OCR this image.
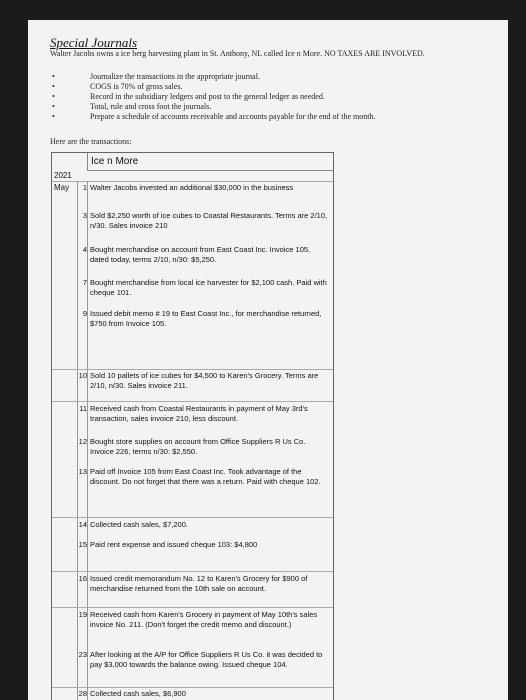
Special Journals
Walter Jacobs owns a ice berg harvesting plant in St. Anthony, NL called Ice n More. NO TAXES ARE INVOLVED.
•	Journalize the transactions in the appropriate journal.
•	COGS is 70% of gross sales.
•	Record in the subsidiary ledgers and post to the general ledger as needed.
•	Total, rule and cross foot the journals.
•	Prepare a schedule of accounts receivable and accounts payable for the end of the month.
Here are the transactions:
Ice n More
2021
May	1 Walter Jacobs invested an additional $30,000 in the business
3 Sold $2,250 worth of ice cubes to Coastal Restaurants. Terms are 2/10, n/30. Sales invoice 210
4 Bought merchandise on account from East Coast Inc. Invoice 105, dated today, terms 2/10, n/30: $5,250.
7 Bought merchandise from local ice harvester for $2,100 cash. Paid with cheque 101.
9 Issued debit memo # 19 to East Coast Inc., for merchandise returned, $750 from Invoice 105.
10 Sold 10 pallets of ice cubes for $4,500 to Karen's Grocery. Terms are 2/10, n/30. Sales invoice 211.
11 Received cash from Coastal Restaurants in payment of May 3rd's transaction, sales invoice 210, less discount.
12 Bought store supplies on account from Office Suppliers R Us Co. Invoice 226, terms n/30: $2,550.
13 Paid off Invoice 105 from East Coast Inc. Took advantage of the discount. Do not forget that there was a return. Paid with cheque 102.
14 Collected cash sales, $7,200.
15 Paid rent expense and issued cheque 103: $4,800
16 Issued credit memorandum No. 12 to Karen's Grocery for $900 of merchandise returned from the 10th sale on account.
19 Received cash from Karen's Grocery in payment of May 10th's sales invoice No. 211. (Don't forget the credit memo and discount.)
23 After looking at the A/P for Office Suppliers R Us Co. it was decided to pay $3,000 towards the balance owing. Issued cheque 104.
28 Collected cash sales, $6,900
